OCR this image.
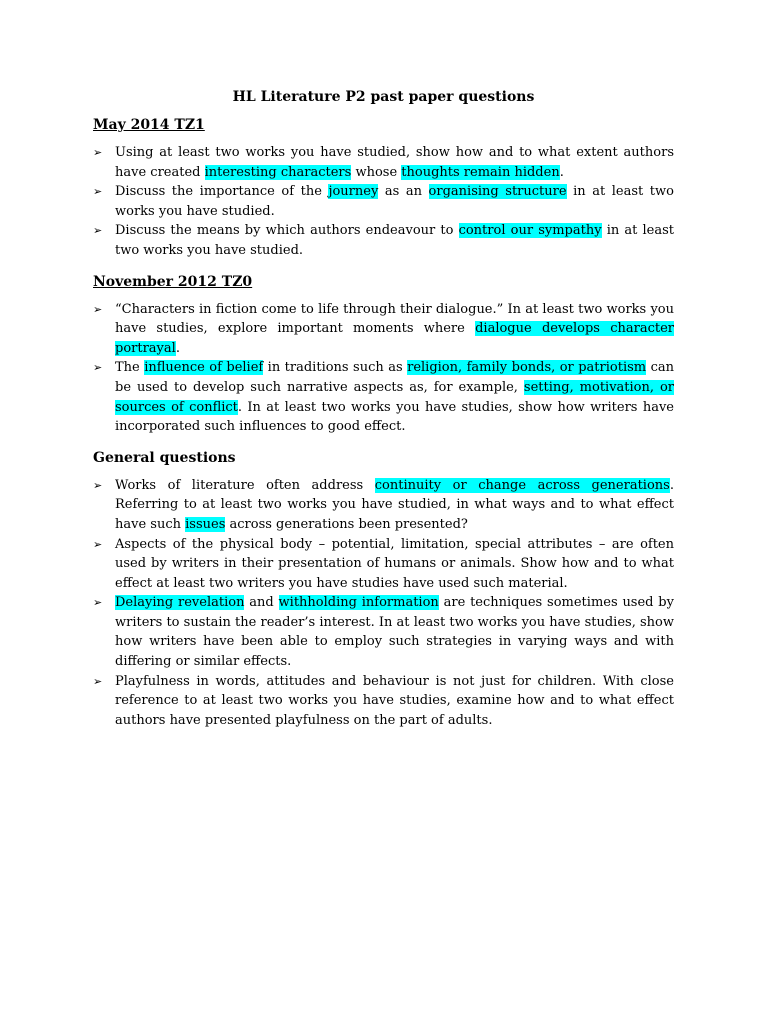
HL Literature P2 past paper questions
May 2014 TZ1
➢ Using at least two works you have studied, show how and to what extent authors have created interesting characters whose thoughts remain hidden.
➢ Discuss the importance of the journey as an organising structure in at least two works you have studied.
➢ Discuss the means by which authors endeavour to control our sympathy in at least two works you have studied.
November 2012 TZ0
➢ “Characters in fiction come to life through their dialogue.” In at least two works you have studies, explore important moments where dialogue develops character portrayal.
➢ The influence of belief in traditions such as religion, family bonds, or patriotism can be used to develop such narrative aspects as, for example, setting, motivation, or sources of conflict. In at least two works you have studies, show how writers have incorporated such influences to good effect.
General questions
➢ Works of literature often address continuity or change across generations. Referring to at least two works you have studied, in what ways and to what effect have such issues across generations been presented?
➢ Aspects of the physical body – potential, limitation, special attributes – are often used by writers in their presentation of humans or animals. Show how and to what effect at least two writers you have studies have used such material.
➢ Delaying revelation and withholding information are techniques sometimes used by writers to sustain the reader’s interest. In at least two works you have studies, show how writers have been able to employ such strategies in varying ways and with differing or similar effects.
➢ Playfulness in words, attitudes and behaviour is not just for children. With close reference to at least two works you have studies, examine how and to what effect authors have presented playfulness on the part of adults.
